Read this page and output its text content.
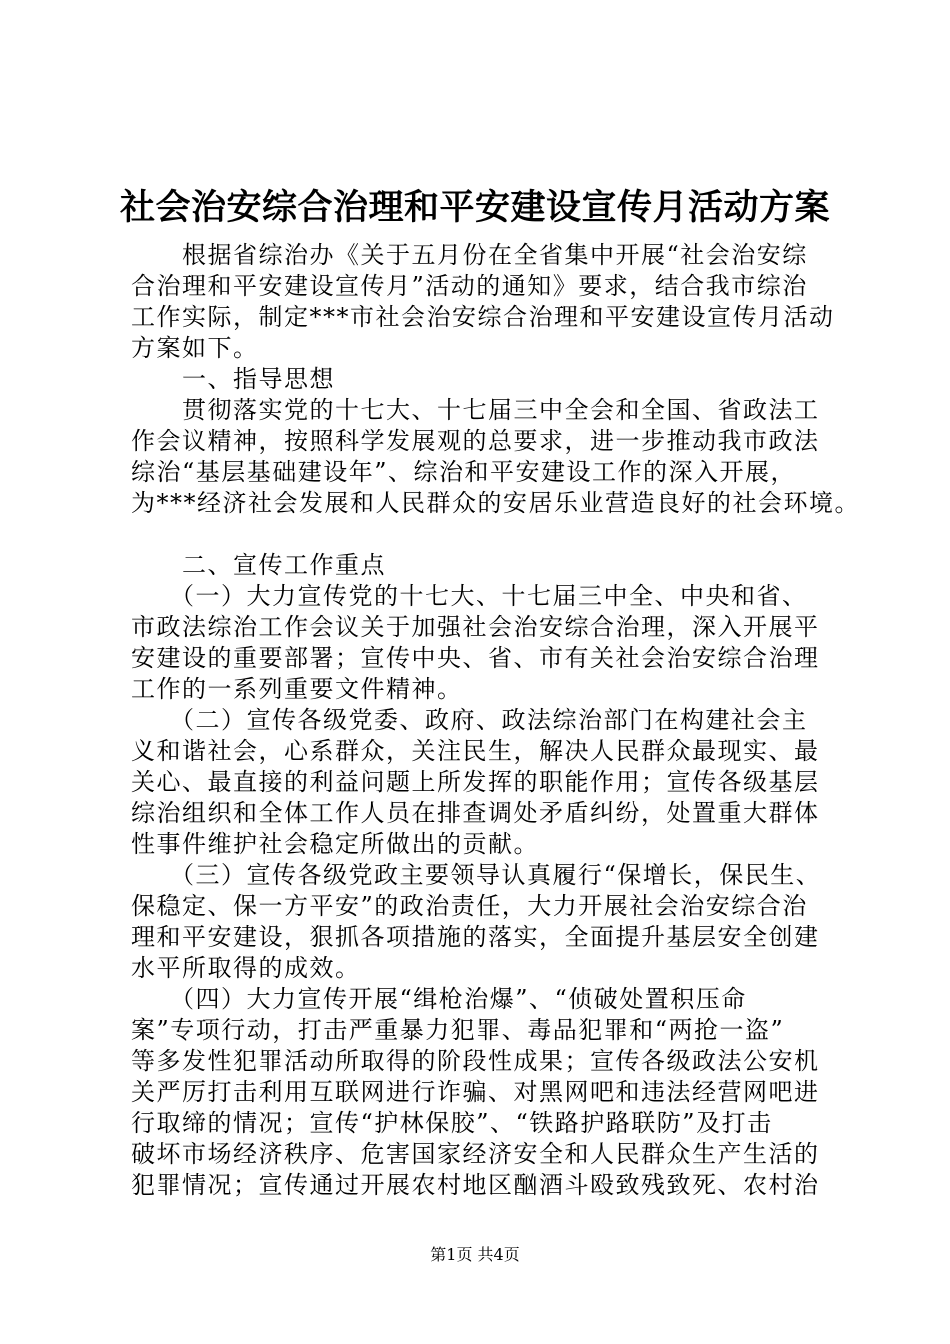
社会治安综合治理和平安建设宣传月活动方案
　　根据省综治办《关于五月份在全省集中开展“社会治安综
合治理和平安建设宣传月”活动的通知》要求，结合我市综治
工作实际，制定***市社会治安综合治理和平安建设宣传月活动
方案如下。
　　一、指导思想
　　贯彻落实党的十七大、十七届三中全会和全国、省政法工
作会议精神，按照科学发展观的总要求，进一步推动我市政法
综治“基层基础建设年”、综治和平安建设工作的深入开展，
为***经济社会发展和人民群众的安居乐业营造良好的社会环境。
　　二、宣传工作重点
　　（一）大力宣传党的十七大、十七届三中全、中央和省、
市政法综治工作会议关于加强社会治安综合治理，深入开展平
安建设的重要部署；宣传中央、省、市有关社会治安综合治理
工作的一系列重要文件精神。
　　（二）宣传各级党委、政府、政法综治部门在构建社会主
义和谐社会，心系群众，关注民生，解决人民群众最现实、最
关心、最直接的利益问题上所发挥的职能作用；宣传各级基层
综治组织和全体工作人员在排查调处矛盾纠纷，处置重大群体
性事件维护社会稳定所做出的贡献。
　　（三）宣传各级党政主要领导认真履行“保增长，保民生、
保稳定、保一方平安”的政治责任，大力开展社会治安综合治
理和平安建设，狠抓各项措施的落实，全面提升基层安全创建
水平所取得的成效。
　　（四）大力宣传开展“缉枪治爆”、“侦破处置积压命
案”专项行动，打击严重暴力犯罪、毒品犯罪和“两抢一盗”
等多发性犯罪活动所取得的阶段性成果；宣传各级政法公安机
关严厉打击利用互联网进行诈骗、对黑网吧和违法经营网吧进
行取缔的情况；宣传“护林保胶”、“铁路护路联防”及打击
破坏市场经济秩序、危害国家经济安全和人民群众生产生活的
犯罪情况；宣传通过开展农村地区酗酒斗殴致残致死、农村治
第1页 共4页
